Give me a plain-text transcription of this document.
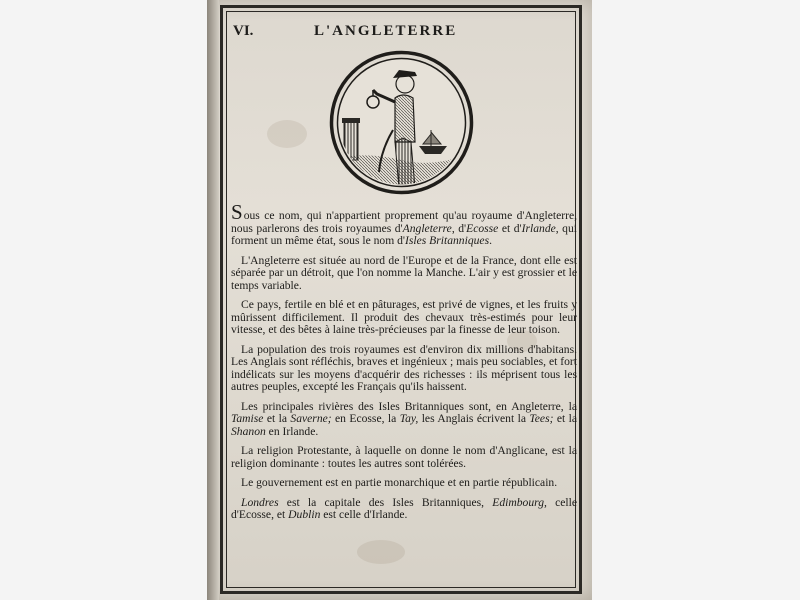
VI.	L'ANGLETERRE

Sous ce nom, qui n'appartient proprement qu'au royaume d'Angleterre, nous parlerons des trois royaumes d'Angleterre, d'Ecosse et d'Irlande, qui forment un même état, sous le nom d'Isles Britanniques.

L'Angleterre est située au nord de l'Europe et de la France, dont elle est séparée par un détroit, que l'on nomme la Manche. L'air y est grossier et le temps variable.

Ce pays, fertile en blé et en pâturages, est privé de vignes, et les fruits y mûrissent difficilement. Il produit des chevaux très-estimés pour leur vitesse, et des bêtes à laine très-précieuses par la finesse de leur toison.

La population des trois royaumes est d'environ dix millions d'habitans. Les Anglais sont réfléchis, braves et ingénieux ; mais peu sociables, et fort indélicats sur les moyens d'acquérir des richesses : ils méprisent tous les autres peuples, excepté les Français qu'ils haissent.

Les principales rivières des Isles Britanniques sont, en Angleterre, la Tamise et la Saverne; en Ecosse, la Tay, les Anglais écrivent la Tees; et la Shanon en Irlande.

La religion Protestante, à laquelle on donne le nom d'Anglicane, est la religion dominante : toutes les autres sont tolérées.

Le gouvernement est en partie monarchique et en partie républicain.

Londres est la capitale des Isles Britanniques, Edimbourg, celle d'Ecosse, et Dublin est celle d'Irlande.
